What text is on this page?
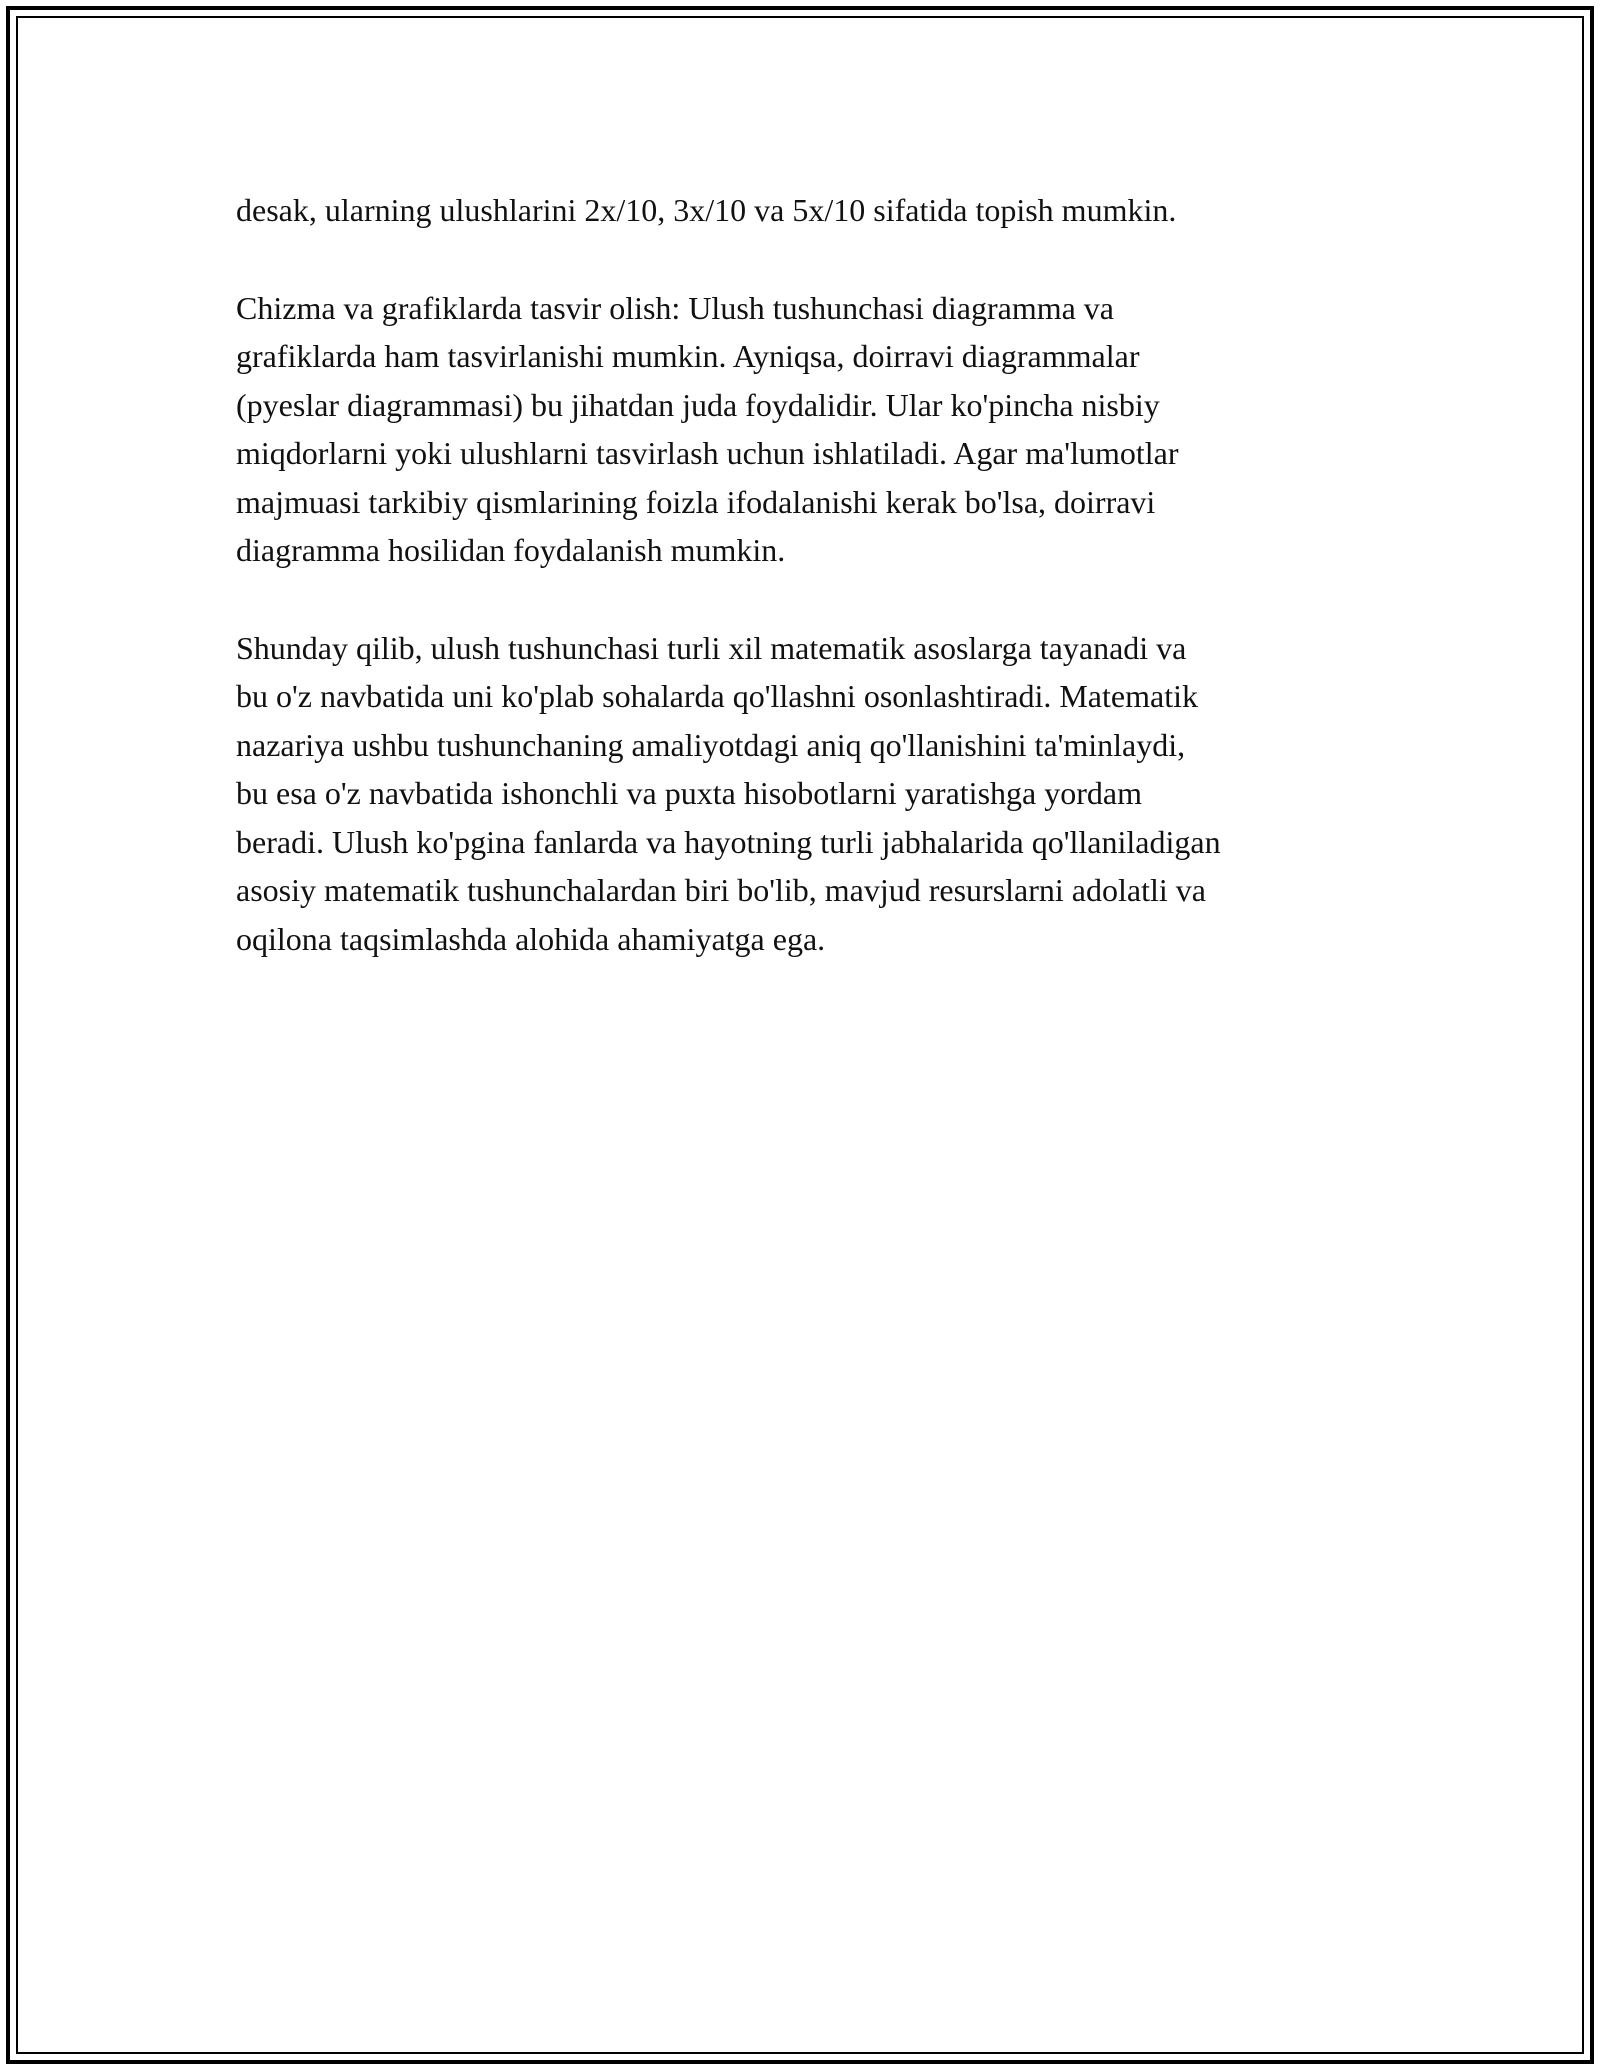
desak, ularning ulushlarini 2x/10, 3x/10 va 5x/10 sifatida topish mumkin.

Chizma va grafiklarda tasvir olish: Ulush tushunchasi diagramma va
grafiklarda ham tasvirlanishi mumkin. Ayniqsa, doirravi diagrammalar
(pyeslar diagrammasi) bu jihatdan juda foydalidir. Ular ko'pincha nisbiy
miqdorlarni yoki ulushlarni tasvirlash uchun ishlatiladi. Agar ma'lumotlar
majmuasi tarkibiy qismlarining foizla ifodalanishi kerak bo'lsa, doirravi
diagramma hosilidan foydalanish mumkin.

Shunday qilib, ulush tushunchasi turli xil matematik asoslarga tayanadi va
bu o'z navbatida uni ko'plab sohalarda qo'llashni osonlashtiradi. Matematik
nazariya ushbu tushunchaning amaliyotdagi aniq qo'llanishini ta'minlaydi,
bu esa o'z navbatida ishonchli va puxta hisobotlarni yaratishga yordam
beradi. Ulush ko'pgina fanlarda va hayotning turli jabhalarida qo'llaniladigan
asosiy matematik tushunchalardan biri bo'lib, mavjud resurslarni adolatli va
oqilona taqsimlashda alohida ahamiyatga ega.
